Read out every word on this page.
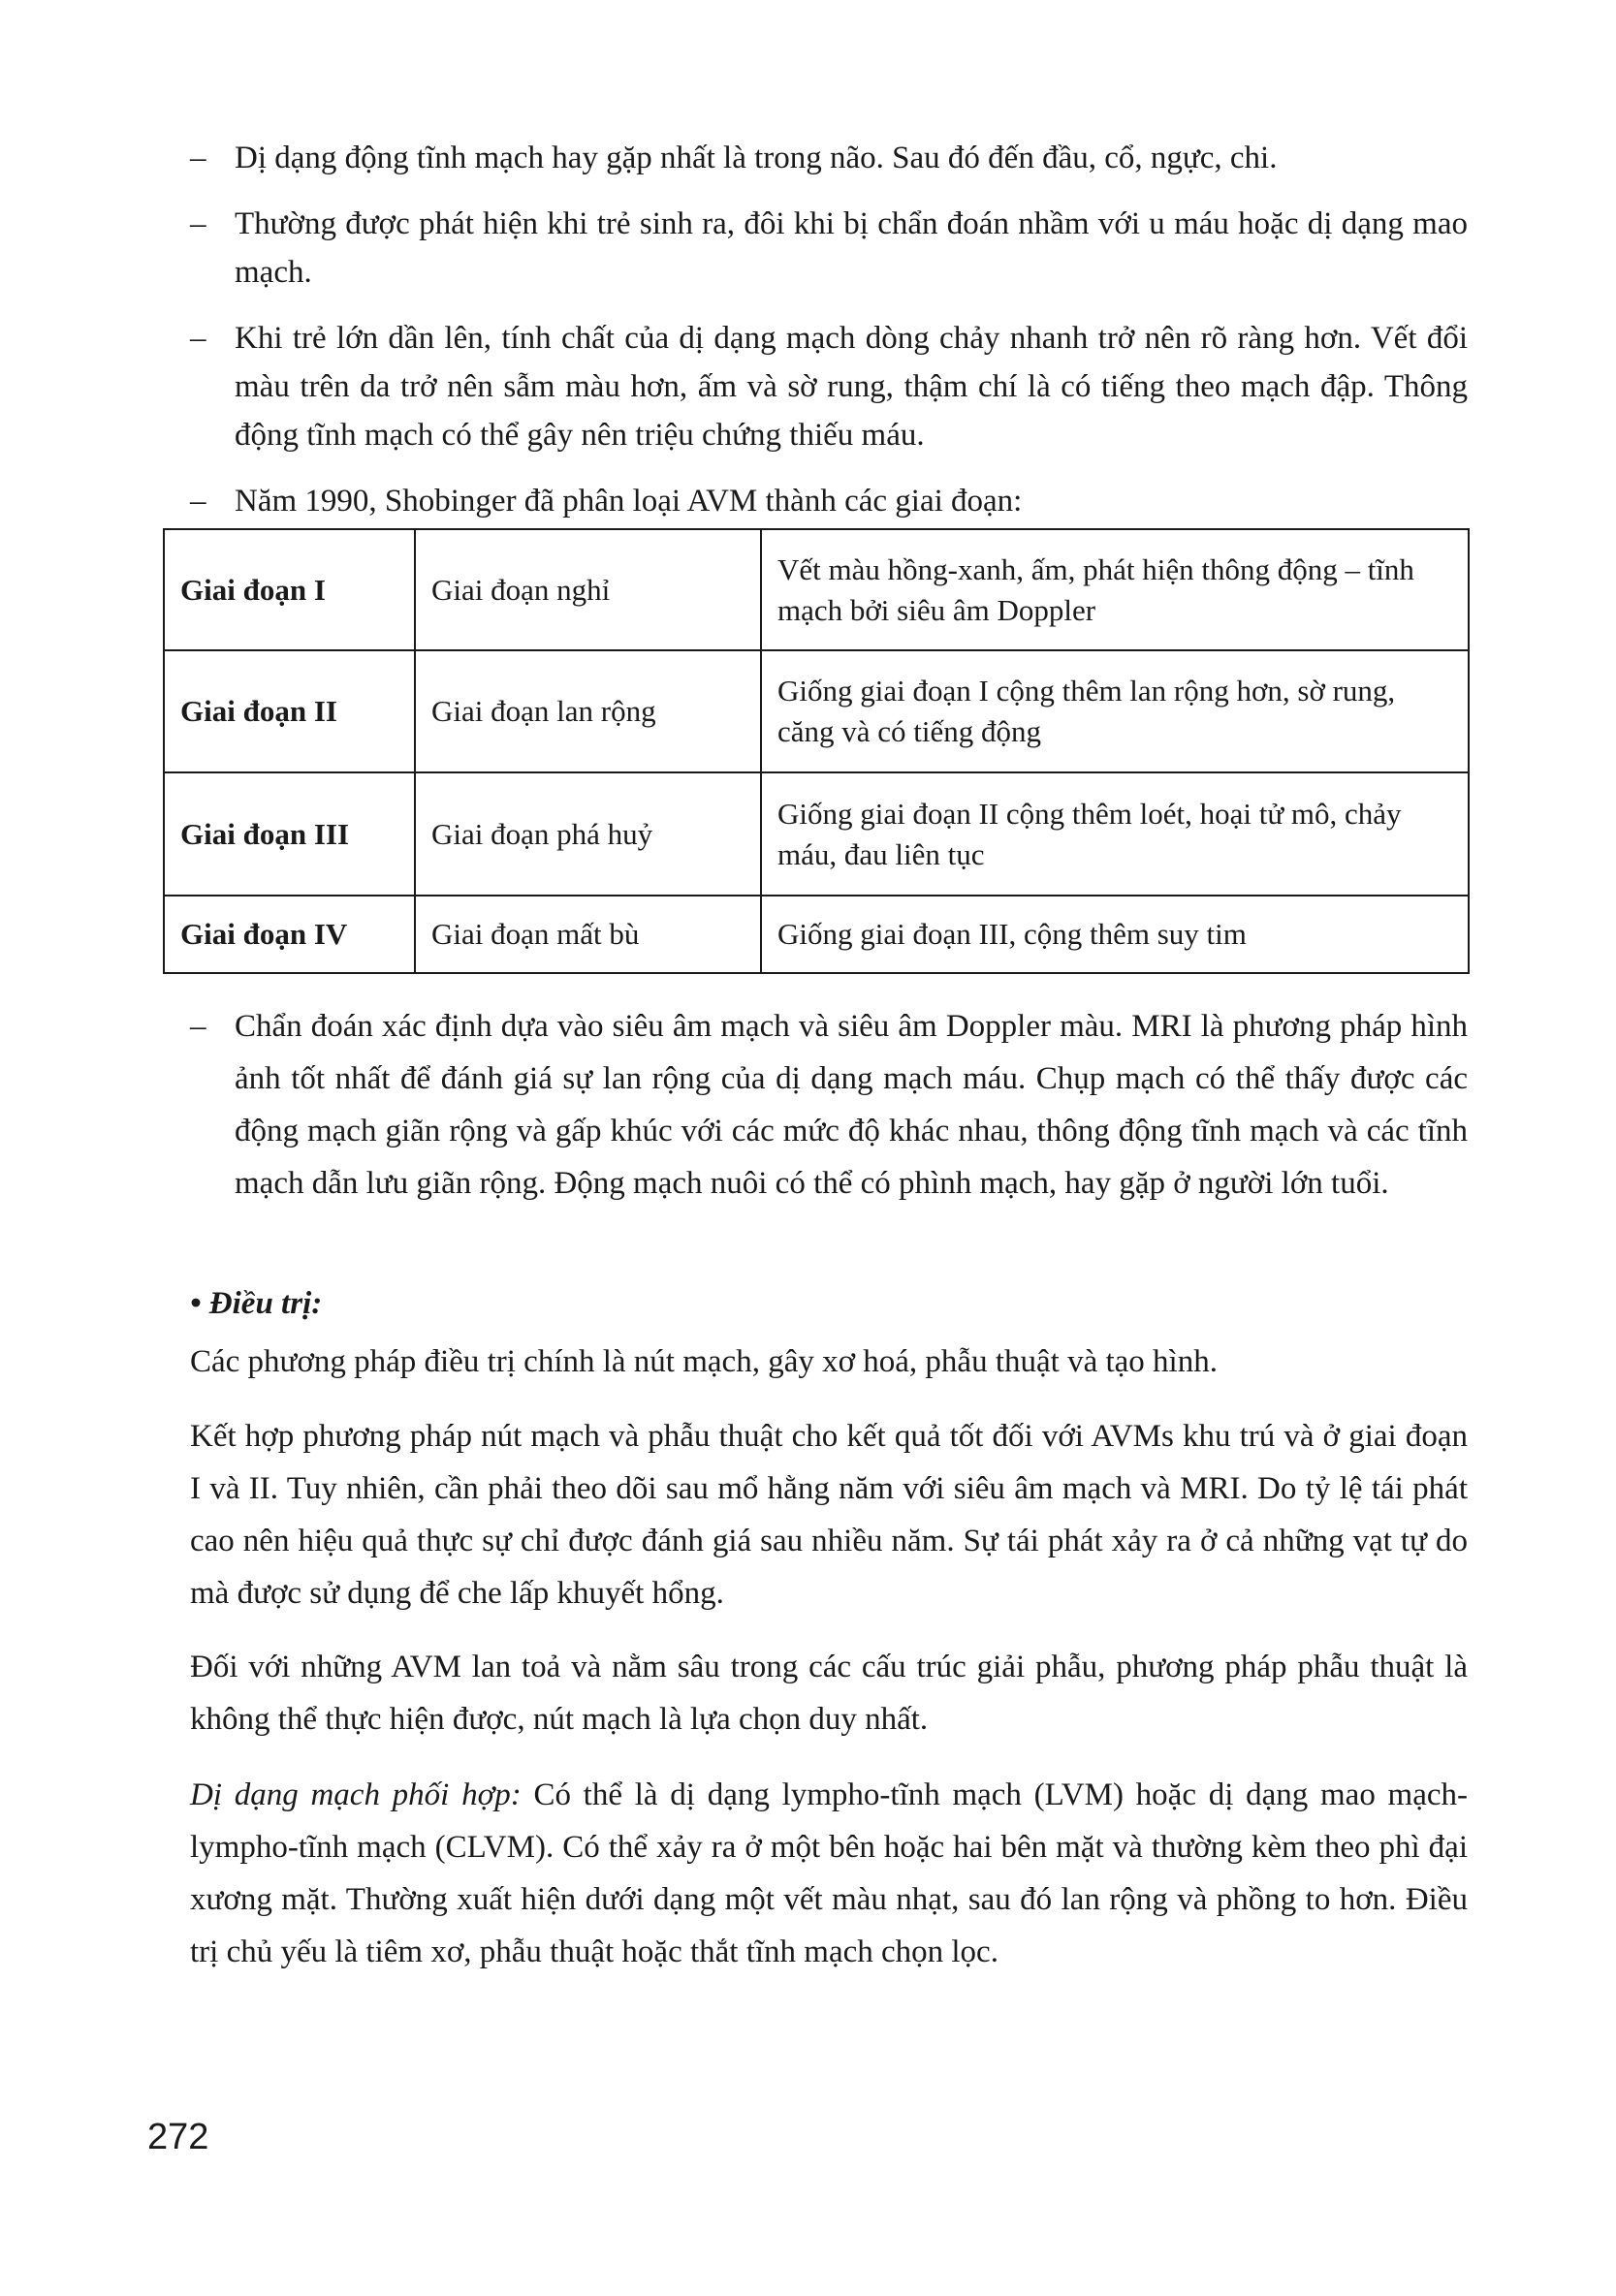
– Dị dạng động tĩnh mạch hay gặp nhất là trong não. Sau đó đến đầu, cổ, ngực, chi.
– Thường được phát hiện khi trẻ sinh ra, đôi khi bị chẩn đoán nhầm với u máu hoặc dị dạng mao mạch.
– Khi trẻ lớn dần lên, tính chất của dị dạng mạch dòng chảy nhanh trở nên rõ ràng hơn. Vết đổi màu trên da trở nên sẫm màu hơn, ấm và sờ rung, thậm chí là có tiếng theo mạch đập. Thông động tĩnh mạch có thể gây nên triệu chứng thiếu máu.
– Năm 1990, Shobinger đã phân loại AVM thành các giai đoạn:
Giai đoạn I	Giai đoạn nghỉ	Vết màu hồng-xanh, ấm, phát hiện thông động – tĩnh mạch bởi siêu âm Doppler
Giai đoạn II	Giai đoạn lan rộng	Giống giai đoạn I cộng thêm lan rộng hơn, sờ rung, căng và có tiếng động
Giai đoạn III	Giai đoạn phá huỷ	Giống giai đoạn II cộng thêm loét, hoại tử mô, chảy máu, đau liên tục
Giai đoạn IV	Giai đoạn mất bù	Giống giai đoạn III, cộng thêm suy tim
– Chẩn đoán xác định dựa vào siêu âm mạch và siêu âm Doppler màu. MRI là phương pháp hình ảnh tốt nhất để đánh giá sự lan rộng của dị dạng mạch máu. Chụp mạch có thể thấy được các động mạch giãn rộng và gấp khúc với các mức độ khác nhau, thông động tĩnh mạch và các tĩnh mạch dẫn lưu giãn rộng. Động mạch nuôi có thể có phình mạch, hay gặp ở người lớn tuổi.
• Điều trị:

Các phương pháp điều trị chính là nút mạch, gây xơ hoá, phẫu thuật và tạo hình.

Kết hợp phương pháp nút mạch và phẫu thuật cho kết quả tốt đối với AVMs khu trú và ở giai đoạn I và II. Tuy nhiên, cần phải theo dõi sau mổ hằng năm với siêu âm mạch và MRI. Do tỷ lệ tái phát cao nên hiệu quả thực sự chỉ được đánh giá sau nhiều năm. Sự tái phát xảy ra ở cả những vạt tự do mà được sử dụng để che lấp khuyết hổng.

Đối với những AVM lan toả và nằm sâu trong các cấu trúc giải phẫu, phương pháp phẫu thuật là không thể thực hiện được, nút mạch là lựa chọn duy nhất.

Dị dạng mạch phối hợp: Có thể là dị dạng lympho-tĩnh mạch (LVM) hoặc dị dạng mao mạch-lympho-tĩnh mạch (CLVM). Có thể xảy ra ở một bên hoặc hai bên mặt và thường kèm theo phì đại xương mặt. Thường xuất hiện dưới dạng một vết màu nhạt, sau đó lan rộng và phồng to hơn. Điều trị chủ yếu là tiêm xơ, phẫu thuật hoặc thắt tĩnh mạch chọn lọc.

272
